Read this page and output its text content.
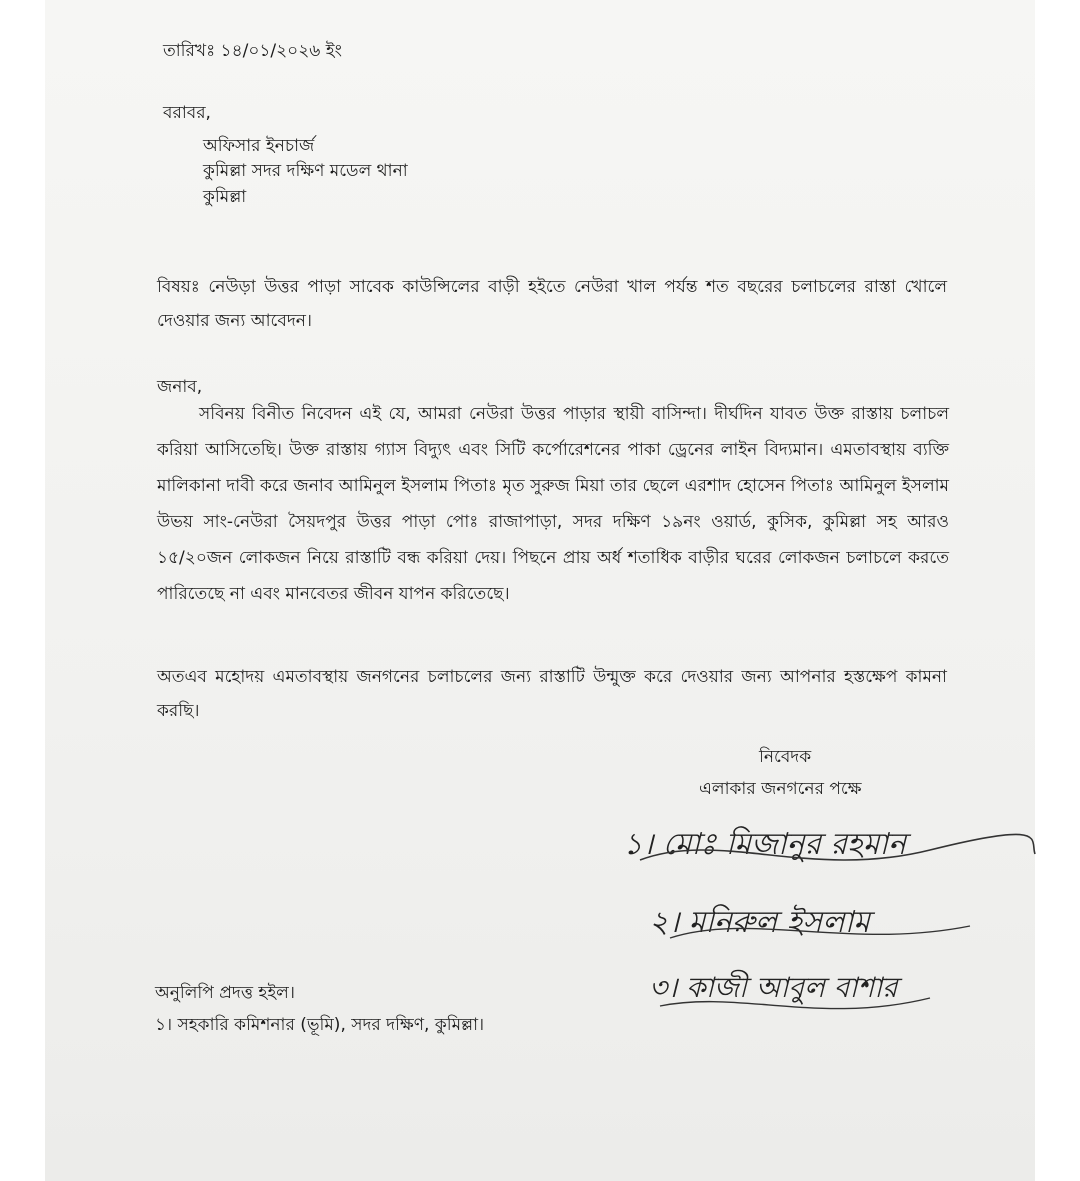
তারিখঃ ১৪/০১/২০২৬ ইং
বরাবর,
অফিসার ইনচার্জ
কুমিল্লা সদর দক্ষিণ মডেল থানা
কুমিল্লা
বিষয়ঃ নেউড়া উত্তর পাড়া সাবেক কাউন্সিলের বাড়ী হইতে নেউরা খাল পর্যন্ত শত বছরের চলাচলের রাস্তা খোলে দেওয়ার জন্য আবেদন।
জনাব,
সবিনয় বিনীত নিবেদন এই যে, আমরা নেউরা উত্তর পাড়ার স্থায়ী বাসিন্দা। দীর্ঘদিন যাবত উক্ত রাস্তায় চলাচল করিয়া আসিতেছি। উক্ত রাস্তায় গ্যাস বিদ্যুৎ এবং সিটি কর্পোরেশনের পাকা ড্রেনের লাইন বিদ্যমান। এমতাবস্থায় ব্যক্তি মালিকানা দাবী করে জনাব আমিনুল ইসলাম পিতাঃ মৃত সুরুজ মিয়া তার ছেলে এরশাদ হোসেন পিতাঃ আমিনুল ইসলাম উভয় সাং-নেউরা সৈয়দপুর উত্তর পাড়া পোঃ রাজাপাড়া, সদর দক্ষিণ ১৯নং ওয়ার্ড, কুসিক, কুমিল্লা সহ আরও ১৫/২০জন লোকজন নিয়ে রাস্তাটি বন্ধ করিয়া দেয়। পিছনে প্রায় অর্ধ শতাধিক বাড়ীর ঘরের লোকজন চলাচলে করতে পারিতেছে না এবং মানবেতর জীবন যাপন করিতেছে।
অতএব মহোদয় এমতাবস্থায় জনগনের চলাচলের জন্য রাস্তাটি উন্মুক্ত করে দেওয়ার জন্য আপনার হস্তক্ষেপ কামনা করছি।
নিবেদক
এলাকার জনগনের পক্ষে
১। মোঃ মিজানুর রহমান
২। মনিরুল ইসলাম
৩। কাজী আবুল বাশার
অনুলিপি প্রদত্ত হইল।
১। সহকারি কমিশনার (ভূমি), সদর দক্ষিণ, কুমিল্লা।
